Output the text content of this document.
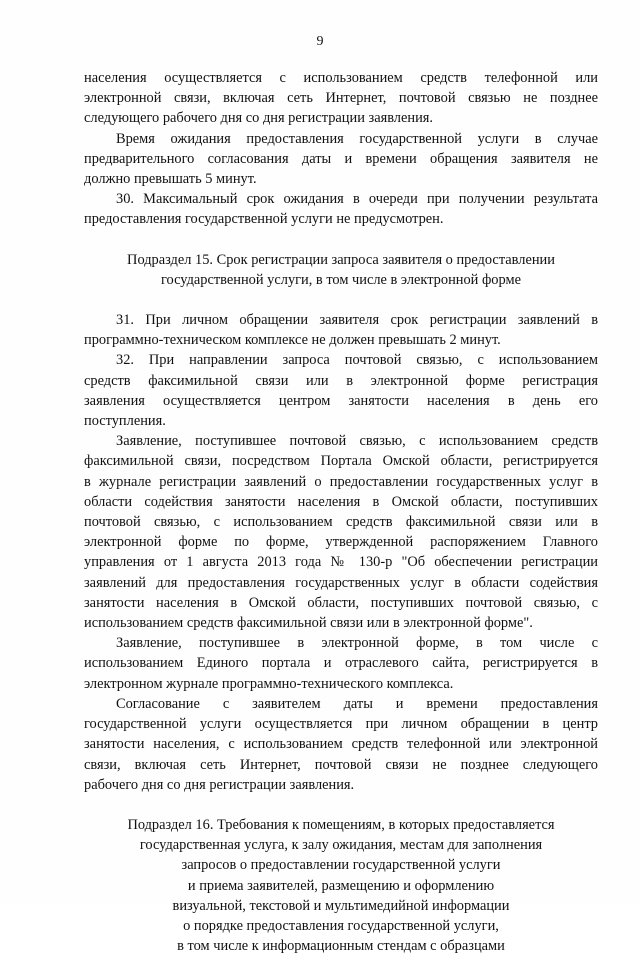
9
населения осуществляется с использованием средств телефонной или
электронной связи, включая сеть Интернет, почтовой связью не позднее
следующего рабочего дня со дня регистрации заявления.
Время ожидания предоставления государственной услуги в случае
предварительного согласования даты и времени обращения заявителя не
должно превышать 5 минут.
30. Максимальный срок ожидания в очереди при получении результата
предоставления государственной услуги не предусмотрен.
Подраздел 15. Срок регистрации запроса заявителя о предоставлении
государственной услуги, в том числе в электронной форме
31. При личном обращении заявителя срок регистрации заявлений в
программно-техническом комплексе не должен превышать 2 минут.
32. При направлении запроса почтовой связью, с использованием
средств факсимильной связи или в электронной форме регистрация
заявления осуществляется центром занятости населения в день его
поступления.
Заявление, поступившее почтовой связью, с использованием средств
факсимильной связи, посредством Портала Омской области, регистрируется
в журнале регистрации заявлений о предоставлении государственных услуг в
области содействия занятости населения в Омской области, поступивших
почтовой связью, с использованием средств факсимильной связи или в
электронной форме по форме, утвержденной распоряжением Главного
управления от 1 августа 2013 года № 130-р "Об обеспечении регистрации
заявлений для предоставления государственных услуг в области содействия
занятости населения в Омской области, поступивших почтовой связью, с
использованием средств факсимильной связи или в электронной форме".
Заявление, поступившее в электронной форме, в том числе с
использованием Единого портала и отраслевого сайта, регистрируется в
электронном журнале программно-технического комплекса.
Согласование с заявителем даты и времени предоставления
государственной услуги осуществляется при личном обращении в центр
занятости населения, с использованием средств телефонной или электронной
связи, включая сеть Интернет, почтовой связи не позднее следующего
рабочего дня со дня регистрации заявления.
Подраздел 16. Требования к помещениям, в которых предоставляется
государственная услуга, к залу ожидания, местам для заполнения
запросов о предоставлении государственной услуги
и приема заявителей, размещению и оформлению
визуальной, текстовой и мультимедийной информации
о порядке предоставления государственной услуги,
в том числе к информационным стендам с образцами
